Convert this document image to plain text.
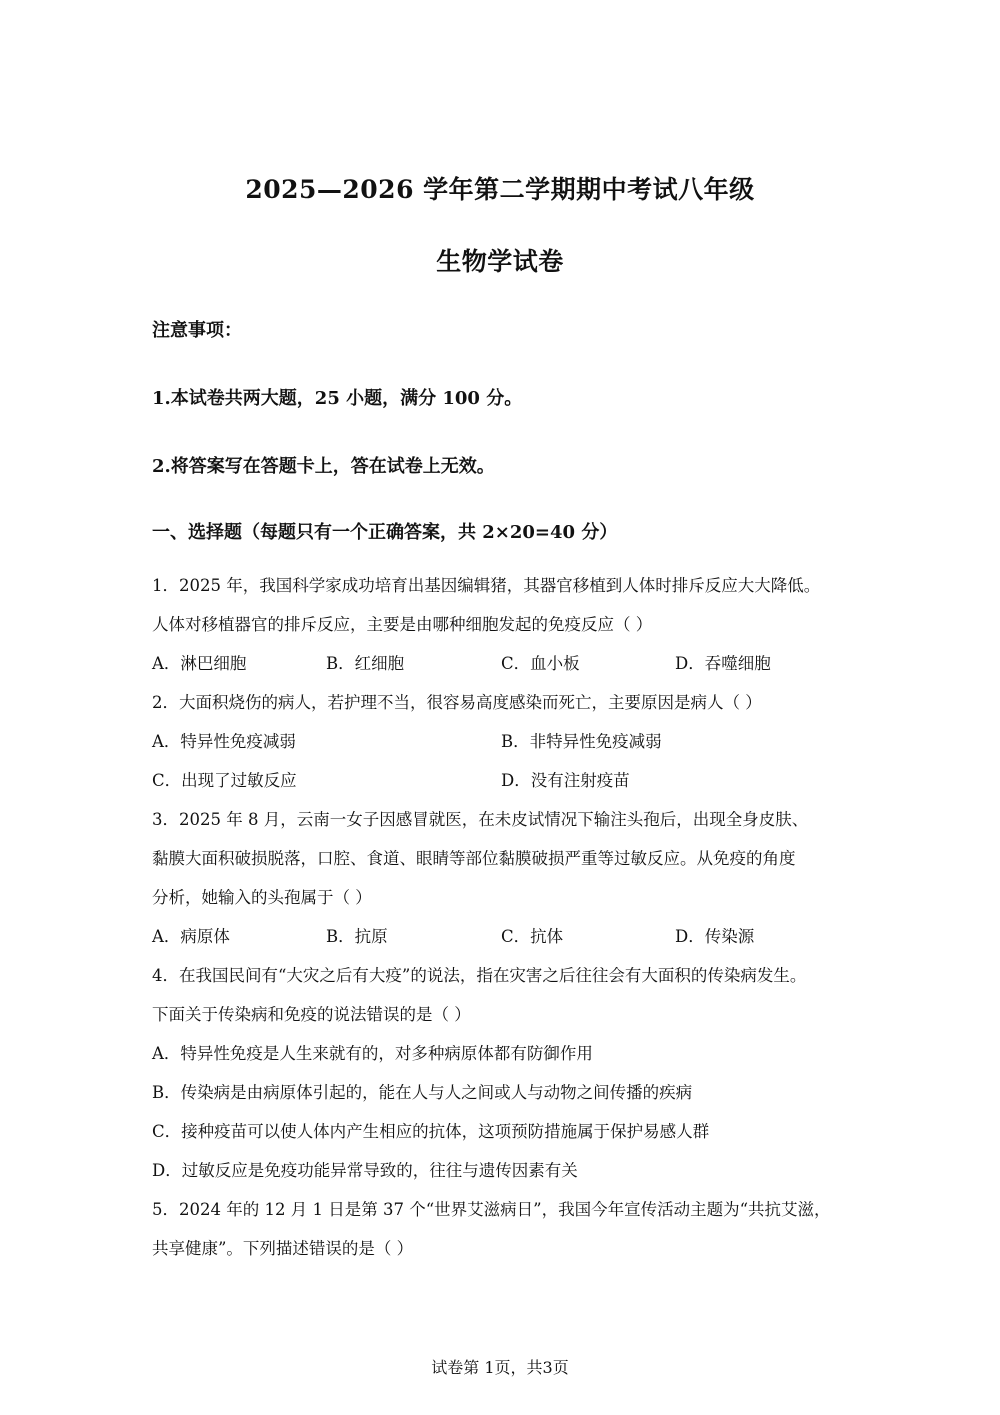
2025—2026 学年第二学期期中考试八年级
生物学试卷
注意事项：
1.本试卷共两大题，25 小题，满分 100 分。
2.将答案写在答题卡上，答在试卷上无效。
一、选择题（每题只有一个正确答案，共 2×20=40 分）
1．2025 年，我国科学家成功培育出基因编辑猪，其器官移植到人体时排斥反应大大降低。
人体对移植器官的排斥反应，主要是由哪种细胞发起的免疫反应（ ）
A．淋巴细胞	B．红细胞	C．血小板	D．吞噬细胞
2．大面积烧伤的病人，若护理不当，很容易高度感染而死亡，主要原因是病人（ ）
A．特异性免疫减弱	B．非特异性免疫减弱
C．出现了过敏反应	D．没有注射疫苗
3．2025 年 8 月，云南一女子因感冒就医，在未皮试情况下输注头孢后，出现全身皮肤、
黏膜大面积破损脱落，口腔、食道、眼睛等部位黏膜破损严重等过敏反应。从免疫的角度
分析，她输入的头孢属于（ ）
A．病原体	B．抗原	C．抗体	D．传染源
4．在我国民间有“大灾之后有大疫”的说法，指在灾害之后往往会有大面积的传染病发生。
下面关于传染病和免疫的说法错误的是（ ）
A．特异性免疫是人生来就有的，对多种病原体都有防御作用
B．传染病是由病原体引起的，能在人与人之间或人与动物之间传播的疾病
C．接种疫苗可以使人体内产生相应的抗体，这项预防措施属于保护易感人群
D．过敏反应是免疫功能异常导致的，往往与遗传因素有关
5．2024 年的 12 月 1 日是第 37 个“世界艾滋病日”，我国今年宣传活动主题为“共抗艾滋，
共享健康”。下列描述错误的是（ ）
试卷第 1页，共3页
